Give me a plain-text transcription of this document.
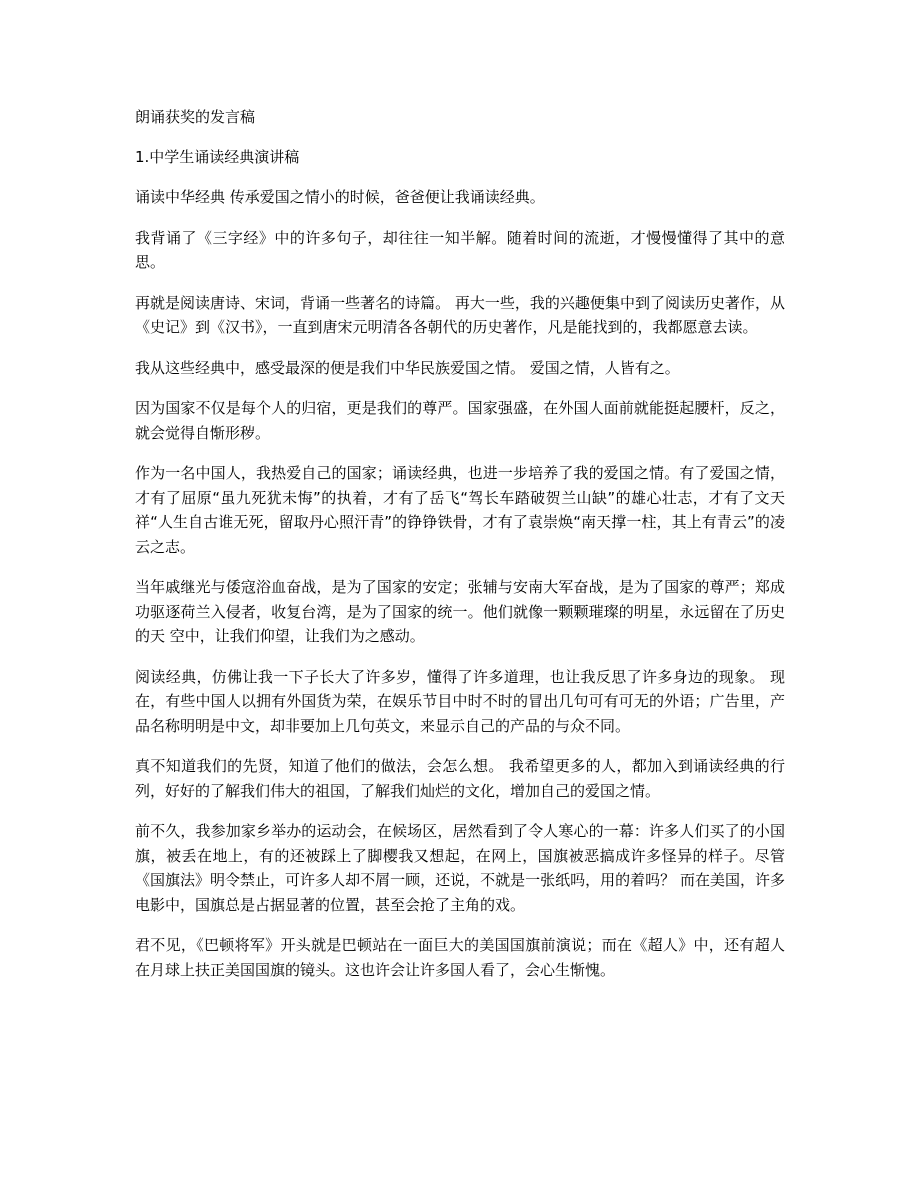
朗诵获奖的发言稿
1.中学生诵读经典演讲稿

诵读中华经典 传承爱国之情小的时候，爸爸便让我诵读经典。

我背诵了《三字经》中的许多句子，却往往一知半解。随着时间的流逝，才慢慢懂得了其中的意思。

再就是阅读唐诗、宋词，背诵一些著名的诗篇。 再大一些，我的兴趣便集中到了阅读历史著作，从《史记》到《汉书》，一直到唐宋元明清各各朝代的历史著作，凡是能找到的，我都愿意去读。

我从这些经典中，感受最深的便是我们中华民族爱国之情。 爱国之情，人皆有之。

因为国家不仅是每个人的归宿，更是我们的尊严。国家强盛，在外国人面前就能挺起腰杆，反之，就会觉得自惭形秽。

作为一名中国人，我热爱自己的国家；诵读经典，也进一步培养了我的爱国之情。有了爱国之情，才有了屈原“虽九死犹未悔”的执着，才有了岳飞“驾长车踏破贺兰山缺”的雄心壮志，才有了文天祥“人生自古谁无死，留取丹心照汗青”的铮铮铁骨，才有了袁崇焕“南天撑一柱，其上有青云”的凌云之志。

当年戚继光与倭寇浴血奋战，是为了国家的安定；张辅与安南大军奋战，是为了国家的尊严；郑成功驱逐荷兰入侵者，收复台湾，是为了国家的统一。他们就像一颗颗璀璨的明星，永远留在了历史的天 空中，让我们仰望，让我们为之感动。

阅读经典，仿佛让我一下子长大了许多岁，懂得了许多道理，也让我反思了许多身边的现象。 现在，有些中国人以拥有外国货为荣，在娱乐节目中时不时的冒出几句可有可无的外语；广告里，产品名称明明是中文，却非要加上几句英文，来显示自己的产品的与众不同。

真不知道我们的先贤，知道了他们的做法，会怎么想。 我希望更多的人，都加入到诵读经典的行列，好好的了解我们伟大的祖国，了解我们灿烂的文化，增加自己的爱国之情。

前不久，我参加家乡举办的运动会，在候场区，居然看到了令人寒心的一幕：许多人们买了的小国旗，被丢在地上，有的还被踩上了脚樱我又想起，在网上，国旗被恶搞成许多怪异的样子。尽管《国旗法》明令禁止，可许多人却不屑一顾，还说，不就是一张纸吗，用的着吗？ 而在美国，许多电影中，国旗总是占据显著的位置，甚至会抢了主角的戏。

君不见，《巴顿将军》开头就是巴顿站在一面巨大的美国国旗前演说；而在《超人》中，还有超人在月球上扶正美国国旗的镜头。这也许会让许多国人看了，会心生惭愧。
